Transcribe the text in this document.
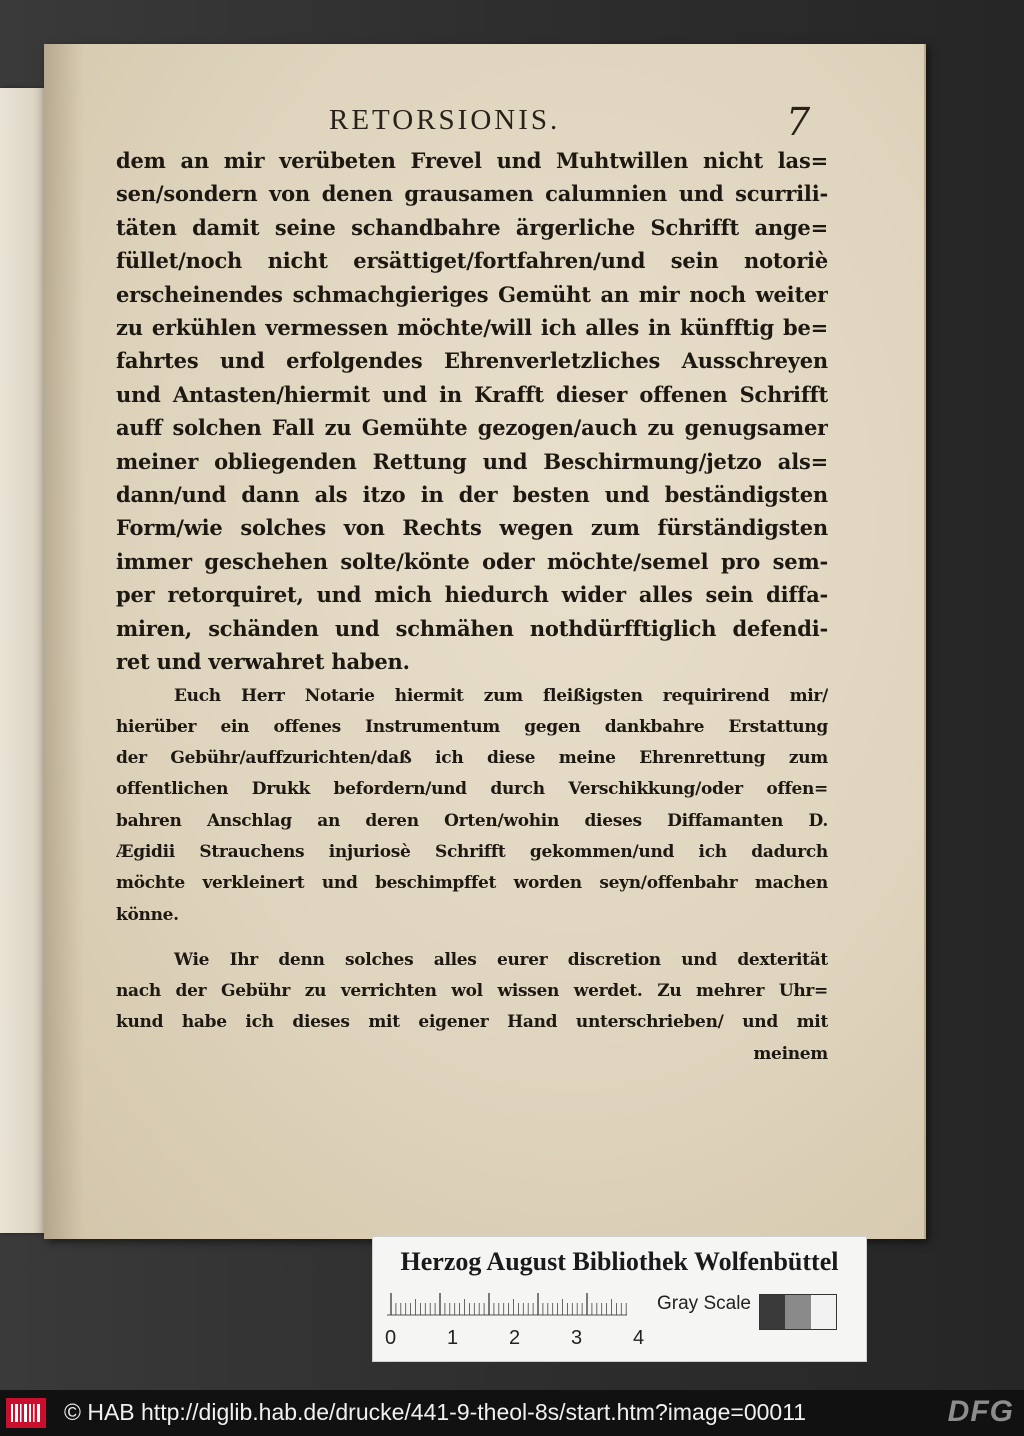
RETORSIONIS.	7
dem an mir verübeten Frevel und Muhtwillen nicht las=
sen/sondern von denen grausamen calumnien und scurrili-
täten damit seine schandbahre ärgerliche Schrifft ange=
füllet/noch nicht ersättiget/fortfahren/und sein notoriè
erscheinendes schmachgieriges Gemüht an mir noch weiter
zu erkühlen vermessen möchte/will ich alles in künfftig be=
fahrtes und erfolgendes Ehrenverletzliches Ausschreyen
und Antasten/hiermit und in Krafft dieser offenen Schrifft
auff solchen Fall zu Gemühte gezogen/auch zu genugsamer
meiner obliegenden Rettung und Beschirmung/jetzo als=
dann/und dann als itzo in der besten und beständigsten
Form/wie solches von Rechts wegen zum fürständigsten
immer geschehen solte/könte oder möchte/semel pro sem-
per retorquiret, und mich hiedurch wider alles sein diffa-
miren, schänden und schmähen nothdürfftiglich defendi-
ret und verwahret haben.
Euch Herr Notarie hiermit zum fleißigsten requirirend mir/
hierüber ein offenes Instrumentum gegen dankbahre Erstattung
der Gebühr/auffzurichten/daß ich diese meine Ehrenrettung zum
offentlichen Drukk befordern/und durch Verschikkung/oder offen=
bahren Anschlag an deren Orten/wohin dieses Diffamanten D.
Ægidii Strauchens injuriosè Schrifft gekommen/und ich dadurch
möchte verkleinert und beschimpffet worden seyn/offenbahr machen
könne.
Wie Ihr denn solches alles eurer discretion und dexterität
nach der Gebühr zu verrichten wol wissen werdet. Zu mehrer Uhr=
kund habe ich dieses mit eigener Hand unterschrieben/ und mit
meinem
Herzog August Bibliothek Wolfenbüttel
0	1	2	3	4
Gray Scale
© HAB http://diglib.hab.de/drucke/441-9-theol-8s/start.htm?image=00011	DFG
